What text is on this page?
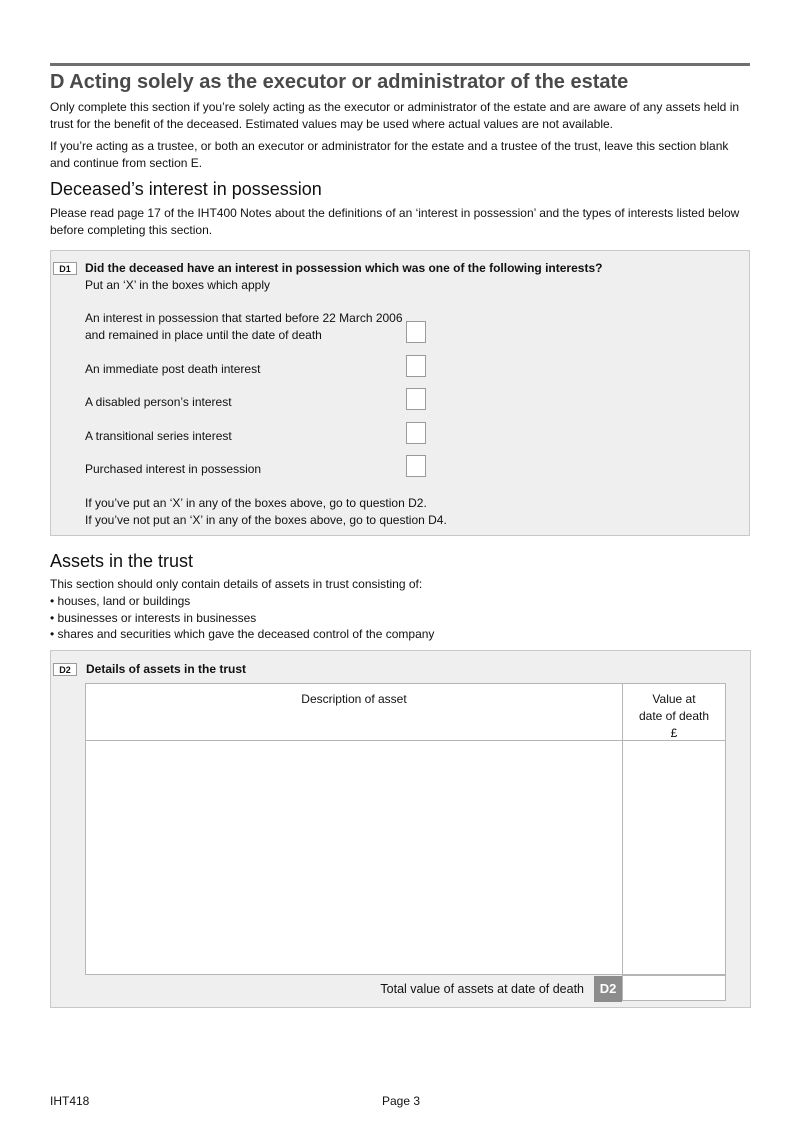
D Acting solely as the executor or administrator of the estate
Only complete this section if you’re solely acting as the executor or administrator of the estate and are aware of any assets held in trust for the benefit of the deceased. Estimated values may be used where actual values are not available.
If you’re acting as a trustee, or both an executor or administrator for the estate and a trustee of the trust, leave this section blank and continue from section E.
Deceased’s interest in possession
Please read page 17 of the IHT400 Notes about the definitions of an ‘interest in possession’ and the types of interests listed below before completing this section.
D1	Did the deceased have an interest in possession which was one of the following interests?
Put an ‘X’ in the boxes which apply
An interest in possession that started before 22 March 2006
and remained in place until the date of death
An immediate post death interest
A disabled person’s interest
A transitional series interest
Purchased interest in possession
If you’ve put an ‘X’ in any of the boxes above, go to question D2.
If you’ve not put an ‘X’ in any of the boxes above, go to question D4.
Assets in the trust
This section should only contain details of assets in trust consisting of:
• houses, land or buildings
• businesses or interests in businesses
• shares and securities which gave the deceased control of the company
D2	Details of assets in the trust
Description of asset	Value at
date of death
£
Total value of assets at date of death	D2
IHT418	Page 3
